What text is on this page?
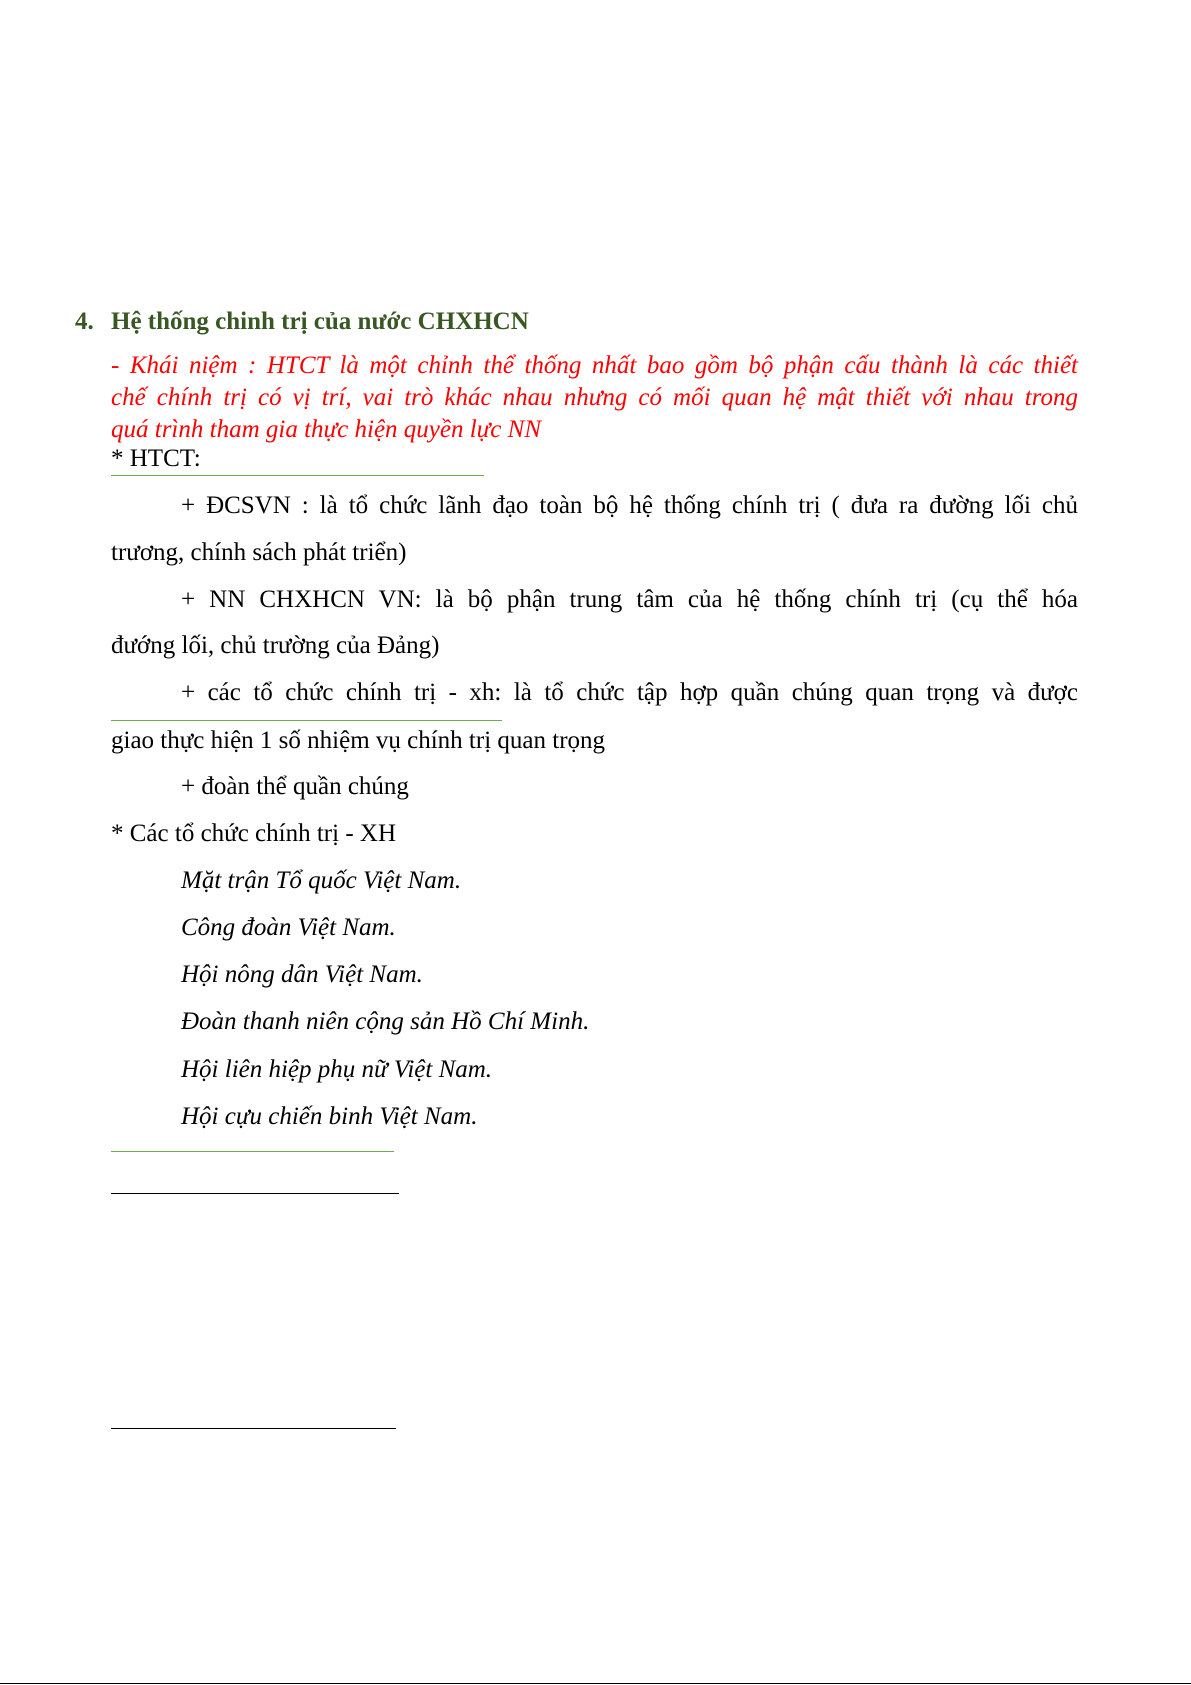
4. Hệ thống chinh trị của nước CHXHCN
- Khái niệm : HTCT là một chỉnh thể thống nhất bao gồm bộ phận cấu thành là các thiết
chế chính trị có vị trí, vai trò khác nhau nhưng có mối quan hệ mật thiết với nhau trong
quá trình tham gia thực hiện quyền lực NN
* HTCT:
+ ĐCSVN : là tổ chức lãnh đạo toàn bộ hệ thống chính trị ( đưa ra đường lối chủ
trương, chính sách phát triển)
+ NN CHXHCN VN: là bộ phận trung tâm của hệ thống chính trị (cụ thể hóa
đướng lối, chủ trường của Đảng)
+ các tổ chức chính trị - xh: là tổ chức tập hợp quần chúng quan trọng và được
giao thực hiện 1 số nhiệm vụ chính trị quan trọng
+ đoàn thể quần chúng
* Các tổ chức chính trị - XH
Mặt trận Tổ quốc Việt Nam.
Công đoàn Việt Nam.
Hội nông dân Việt Nam.
Đoàn thanh niên cộng sản Hồ Chí Minh.
Hội liên hiệp phụ nữ Việt Nam.
Hội cựu chiến binh Việt Nam.
